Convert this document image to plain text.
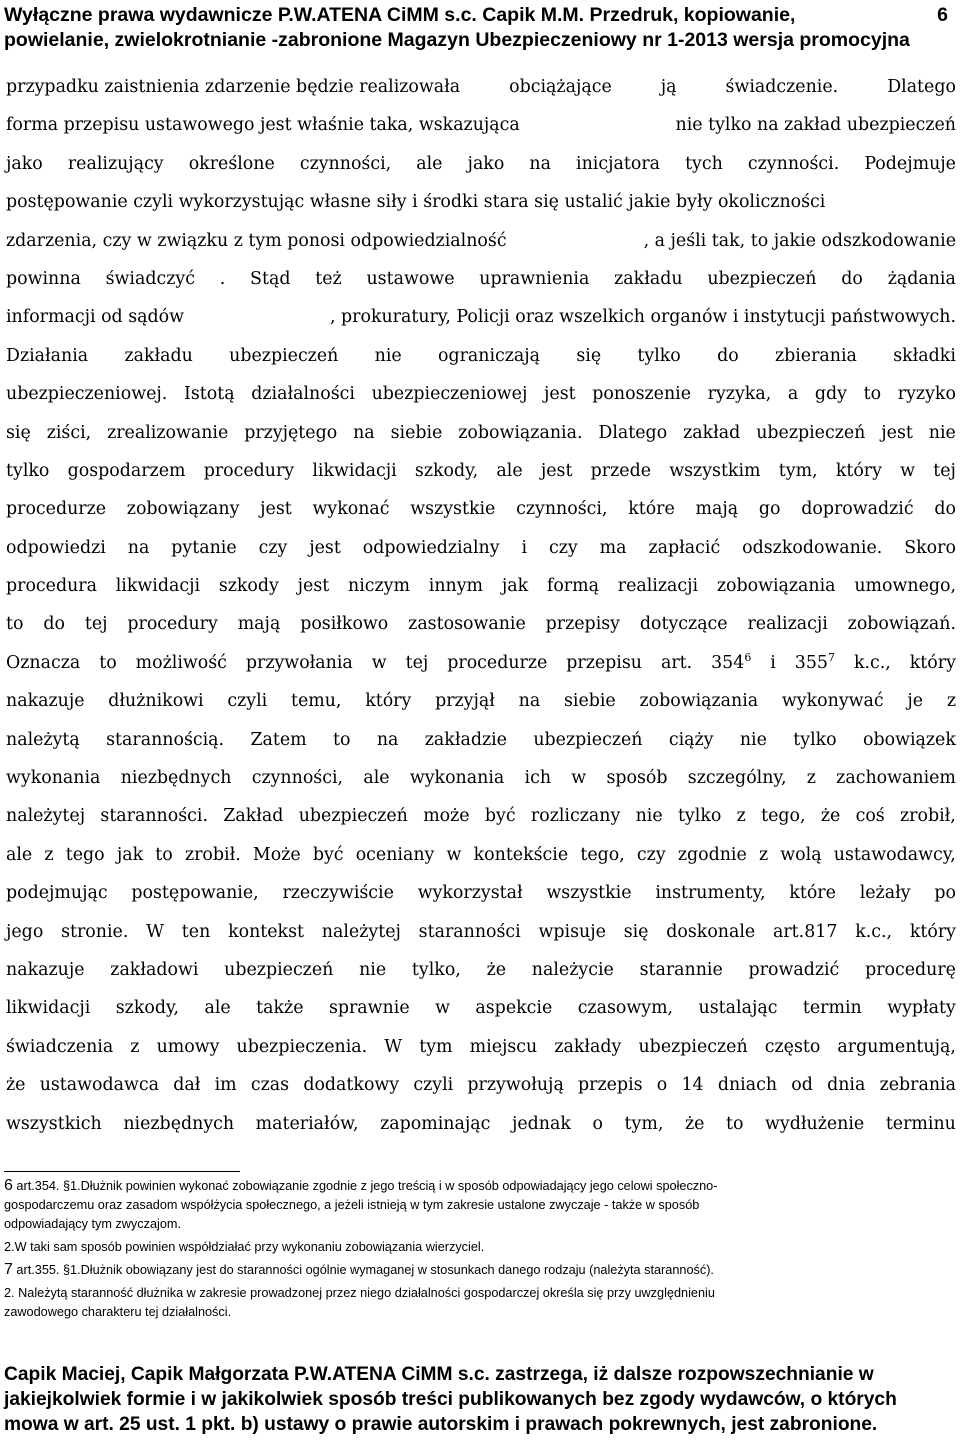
Wyłączne prawa wydawnicze P.W.ATENA CiMM s.c. Capik M.M. Przedruk, kopiowanie,	6
powielanie, zwielokrotnianie -zabronione Magazyn Ubezpieczeniowy nr 1-2013 wersja promocyjna
przypadku zaistnienia zdarzenie będzie realizowała	obciążające	ją	świadczenie.	Dlatego
forma przepisu ustawowego jest właśnie taka, wskazująca	nie tylko na zakład ubezpieczeń
jako realizujący określone czynności, ale jako na inicjatora tych czynności. Podejmuje
postępowanie czyli wykorzystując własne siły i środki stara się ustalić jakie były okoliczności
zdarzenia, czy w związku z tym ponosi odpowiedzialność	, a jeśli tak, to jakie odszkodowanie
powinna świadczyć . Stąd też ustawowe uprawnienia zakładu ubezpieczeń do żądania
informacji od sądów	, prokuratury, Policji oraz wszelkich organów i instytucji państwowych.
Działania zakładu ubezpieczeń nie ograniczają się tylko do zbierania składki
ubezpieczeniowej. Istotą działalności ubezpieczeniowej jest ponoszenie ryzyka, a gdy to ryzyko
się ziści, zrealizowanie przyjętego na siebie zobowiązania. Dlatego zakład ubezpieczeń jest nie
tylko gospodarzem procedury likwidacji szkody, ale jest przede wszystkim tym, który w tej
procedurze zobowiązany jest wykonać wszystkie czynności, które mają go doprowadzić do
odpowiedzi na pytanie czy jest odpowiedzialny i czy ma zapłacić odszkodowanie. Skoro
procedura likwidacji szkody jest niczym innym jak formą realizacji zobowiązania umownego,
to do tej procedury mają posiłkowo zastosowanie przepisy dotyczące realizacji zobowiązań.
Oznacza to możliwość przywołania w tej procedurze przepisu art. $354^6$ i $355^7$ k.c., który
nakazuje dłużnikowi czyli temu, który przyjął na siebie zobowiązania wykonywać je z
należytą starannością. Zatem to na zakładzie ubezpieczeń ciąży nie tylko obowiązek
wykonania niezbędnych czynności, ale wykonania ich w sposób szczególny, z zachowaniem
należytej staranności. Zakład ubezpieczeń może być rozliczany nie tylko z tego, że coś zrobił,
ale z tego jak to zrobił. Może być oceniany w kontekście tego, czy zgodnie z wolą ustawodawcy,
podejmując postępowanie, rzeczywiście wykorzystał wszystkie instrumenty, które leżały po
jego stronie. W ten kontekst należytej staranności wpisuje się doskonale art.817 k.c., który
nakazuje zakładowi ubezpieczeń nie tylko, że należycie starannie prowadzić procedurę
likwidacji szkody, ale także sprawnie w aspekcie czasowym, ustalając termin wypłaty
świadczenia z umowy ubezpieczenia. W tym miejscu zakłady ubezpieczeń często argumentują,
że ustawodawca dał im czas dodatkowy czyli przywołują przepis o 14 dniach od dnia zebrania
wszystkich niezbędnych materiałów, zapominając jednak o tym, że to wydłużenie terminu
6 art.354. §1.Dłużnik powinien wykonać zobowiązanie zgodnie z jego treścią i w sposób odpowiadający jego celowi społeczno-
gospodarczemu oraz zasadom współżycia społecznego, a jeżeli istnieją w tym zakresie ustalone zwyczaje - także w sposób
odpowiadający tym zwyczajom.
2.W taki sam sposób powinien współdziałać przy wykonaniu zobowiązania wierzyciel.
7 art.355. §1.Dłużnik obowiązany jest do staranności ogólnie wymaganej w stosunkach danego rodzaju (należyta staranność).
2. Należytą staranność dłużnika w zakresie prowadzonej przez niego działalności gospodarczej określa się przy uwzględnieniu
zawodowego charakteru tej działalności.
Capik Maciej, Capik Małgorzata P.W.ATENA CiMM s.c. zastrzega, iż dalsze rozpowszechnianie w
jakiejkolwiek formie i w jakikolwiek sposób treści publikowanych bez zgody wydawców, o których
mowa w art. 25 ust. 1 pkt. b) ustawy o prawie autorskim i prawach pokrewnych, jest zabronione.
